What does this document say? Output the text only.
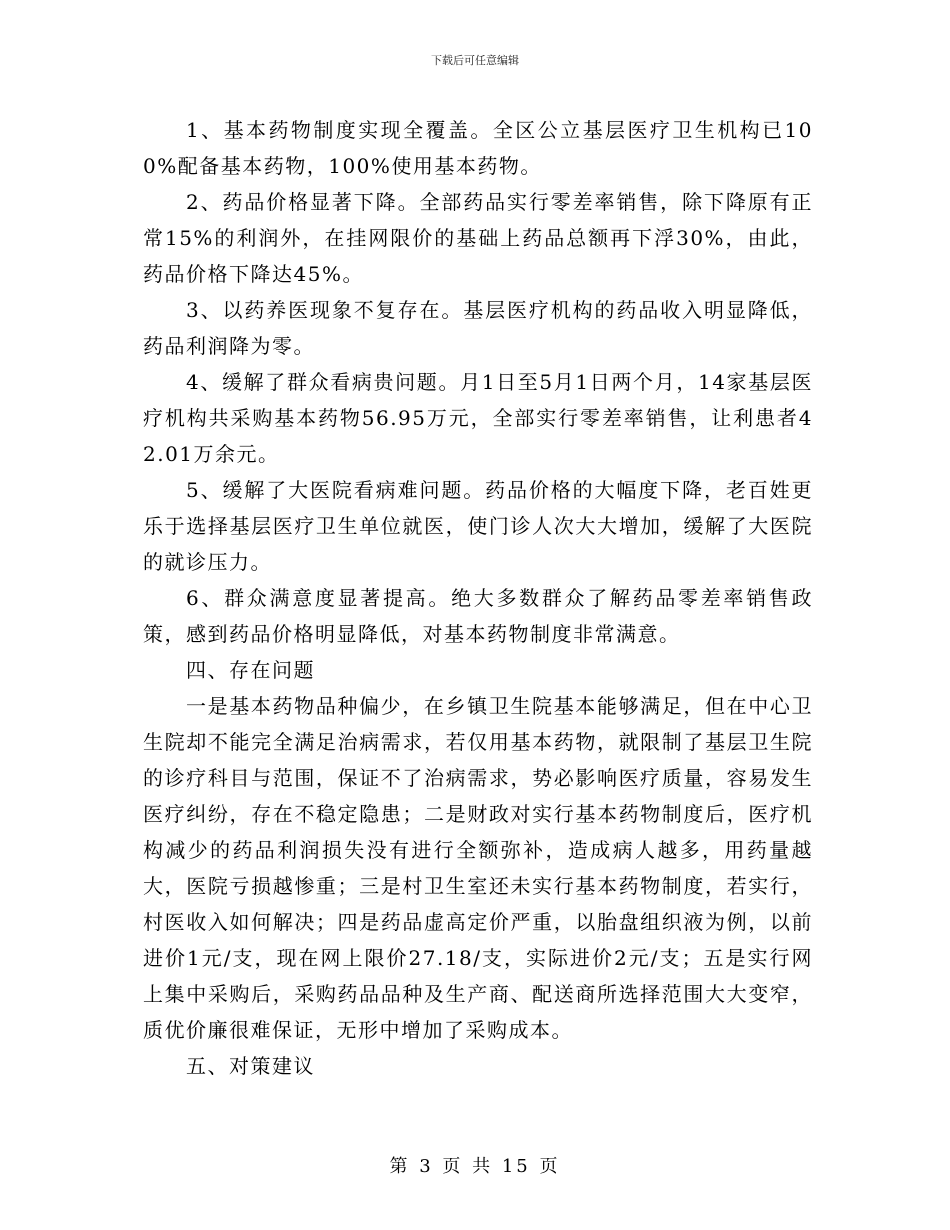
下载后可任意编辑

1、基本药物制度实现全覆盖。全区公立基层医疗卫生机构已100%配备基本药物，100%使用基本药物。

2、药品价格显著下降。全部药品实行零差率销售，除下降原有正常15%的利润外，在挂网限价的基础上药品总额再下浮30%，由此，药品价格下降达45%。

3、以药养医现象不复存在。基层医疗机构的药品收入明显降低，药品利润降为零。

4、缓解了群众看病贵问题。月1日至5月1日两个月，14家基层医疗机构共采购基本药物56.95万元，全部实行零差率销售，让利患者42.01万余元。

5、缓解了大医院看病难问题。药品价格的大幅度下降，老百姓更乐于选择基层医疗卫生单位就医，使门诊人次大大增加，缓解了大医院的就诊压力。

6、群众满意度显著提高。绝大多数群众了解药品零差率销售政策，感到药品价格明显降低，对基本药物制度非常满意。

四、存在问题

一是基本药物品种偏少，在乡镇卫生院基本能够满足，但在中心卫生院却不能完全满足治病需求，若仅用基本药物，就限制了基层卫生院的诊疗科目与范围，保证不了治病需求，势必影响医疗质量，容易发生医疗纠纷，存在不稳定隐患；二是财政对实行基本药物制度后，医疗机构减少的药品利润损失没有进行全额弥补，造成病人越多，用药量越大，医院亏损越惨重；三是村卫生室还未实行基本药物制度，若实行，村医收入如何解决；四是药品虚高定价严重，以胎盘组织液为例，以前进价1元/支，现在网上限价27.18/支，实际进价2元/支；五是实行网上集中采购后，采购药品品种及生产商、配送商所选择范围大大变窄，质优价廉很难保证，无形中增加了采购成本。

五、对策建议

第 3 页 共 15 页
